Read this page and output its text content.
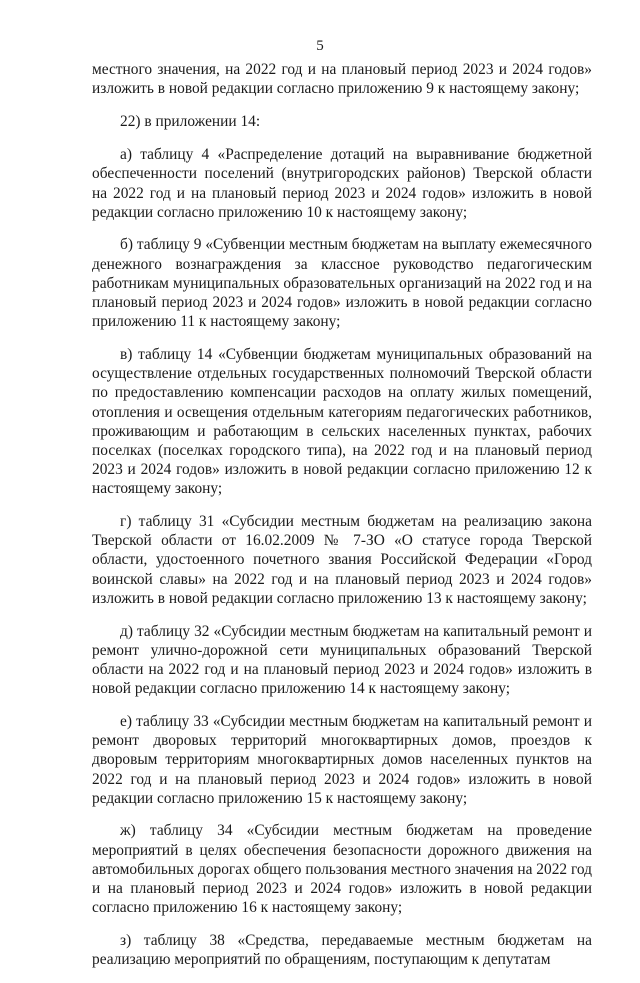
5

местного значения, на 2022 год и на плановый период 2023 и 2024 годов» изложить в новой редакции согласно приложению 9 к настоящему закону;

22) в приложении 14:

а) таблицу 4 «Распределение дотаций на выравнивание бюджетной обеспеченности поселений (внутригородских районов) Тверской области на 2022 год и на плановый период 2023 и 2024 годов» изложить в новой редакции согласно приложению 10 к настоящему закону;

б) таблицу 9 «Субвенции местным бюджетам на выплату ежемесячного денежного вознаграждения за классное руководство педагогическим работникам муниципальных образовательных организаций на 2022 год и на плановый период 2023 и 2024 годов» изложить в новой редакции согласно приложению 11 к настоящему закону;

в) таблицу 14 «Субвенции бюджетам муниципальных образований на осуществление отдельных государственных полномочий Тверской области по предоставлению компенсации расходов на оплату жилых помещений, отопления и освещения отдельным категориям педагогических работников, проживающим и работающим в сельских населенных пунктах, рабочих поселках (поселках городского типа), на 2022 год и на плановый период 2023 и 2024 годов» изложить в новой редакции согласно приложению 12 к настоящему закону;

г) таблицу 31 «Субсидии местным бюджетам на реализацию закона Тверской области от 16.02.2009 № 7-ЗО «О статусе города Тверской области, удостоенного почетного звания Российской Федерации «Город воинской славы» на 2022 год и на плановый период 2023 и 2024 годов» изложить в новой редакции согласно приложению 13 к настоящему закону;

д) таблицу 32 «Субсидии местным бюджетам на капитальный ремонт и ремонт улично-дорожной сети муниципальных образований Тверской области на 2022 год и на плановый период 2023 и 2024 годов» изложить в новой редакции согласно приложению 14 к настоящему закону;

е) таблицу 33 «Субсидии местным бюджетам на капитальный ремонт и ремонт дворовых территорий многоквартирных домов, проездов к дворовым территориям многоквартирных домов населенных пунктов на 2022 год и на плановый период 2023 и 2024 годов» изложить в новой редакции согласно приложению 15 к настоящему закону;

ж) таблицу 34 «Субсидии местным бюджетам на проведение мероприятий в целях обеспечения безопасности дорожного движения на автомобильных дорогах общего пользования местного значения на 2022 год и на плановый период 2023 и 2024 годов» изложить в новой редакции согласно приложению 16 к настоящему закону;

з) таблицу 38 «Средства, передаваемые местным бюджетам на реализацию мероприятий по обращениям, поступающим к депутатам
